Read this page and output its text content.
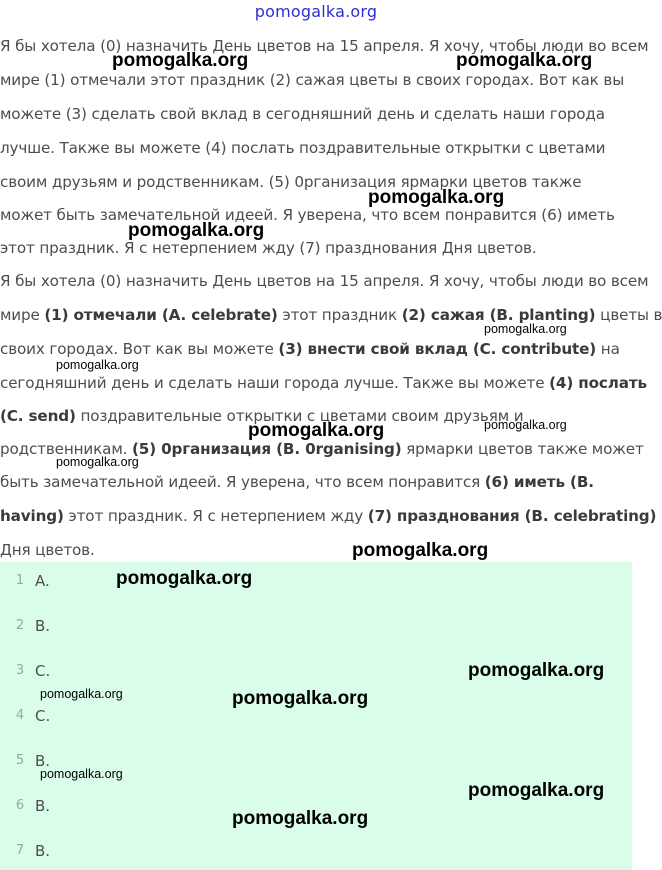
pomogalka.org
Я бы хотела (0) назначить День цветов на 15 апреля. Я хочу, чтобы люди во всем
мире (1) отмечали этот праздник (2) сажая цветы в своих городах. Вот как вы
можете (3) сделать свой вклад в сегодняшний день и сделать наши города
лучше. Также вы можете (4) послать поздравительные открытки с цветами
своим друзьям и родственникам. (5) 0рганизация ярмарки цветов также
может быть замечательной идеей. Я уверена, что всем понравится (6) иметь
этот праздник. Я с нетерпением жду (7) празднования Дня цветов.
Я бы хотела (0) назначить День цветов на 15 апреля. Я хочу, чтобы люди во всем
мире (1) отмечали (A. celebrate) этот праздник (2) сажая (B. planting) цветы в
своих городах. Вот как вы можете (3) внести свой вклад (C. contribute) на
сегодняшний день и сделать наши города лучше. Также вы можете (4) послать
(C. send) поздравительные открытки с цветами своим друзьям и
родственникам. (5) 0рганизация (B. 0rganising) ярмарки цветов также может
быть замечательной идеей. Я уверена, что всем понравится (6) иметь (B.
having) этот праздник. Я с нетерпением жду (7) празднования (B. celebrating)
Дня цветов.
1 A.
2 B.
3 C.
4 C.
5 B.
6 B.
7 B.
pomogalka.org	pomogalka.org
pomogalka.org
pomogalka.org
pomogalka.org
pomogalka.org
pomogalka.org	pomogalka.org
pomogalka.org
pomogalka.org
pomogalka.org
pomogalka.org
pomogalka.org	pomogalka.org
pomogalka.org
pomogalka.org
pomogalka.org
